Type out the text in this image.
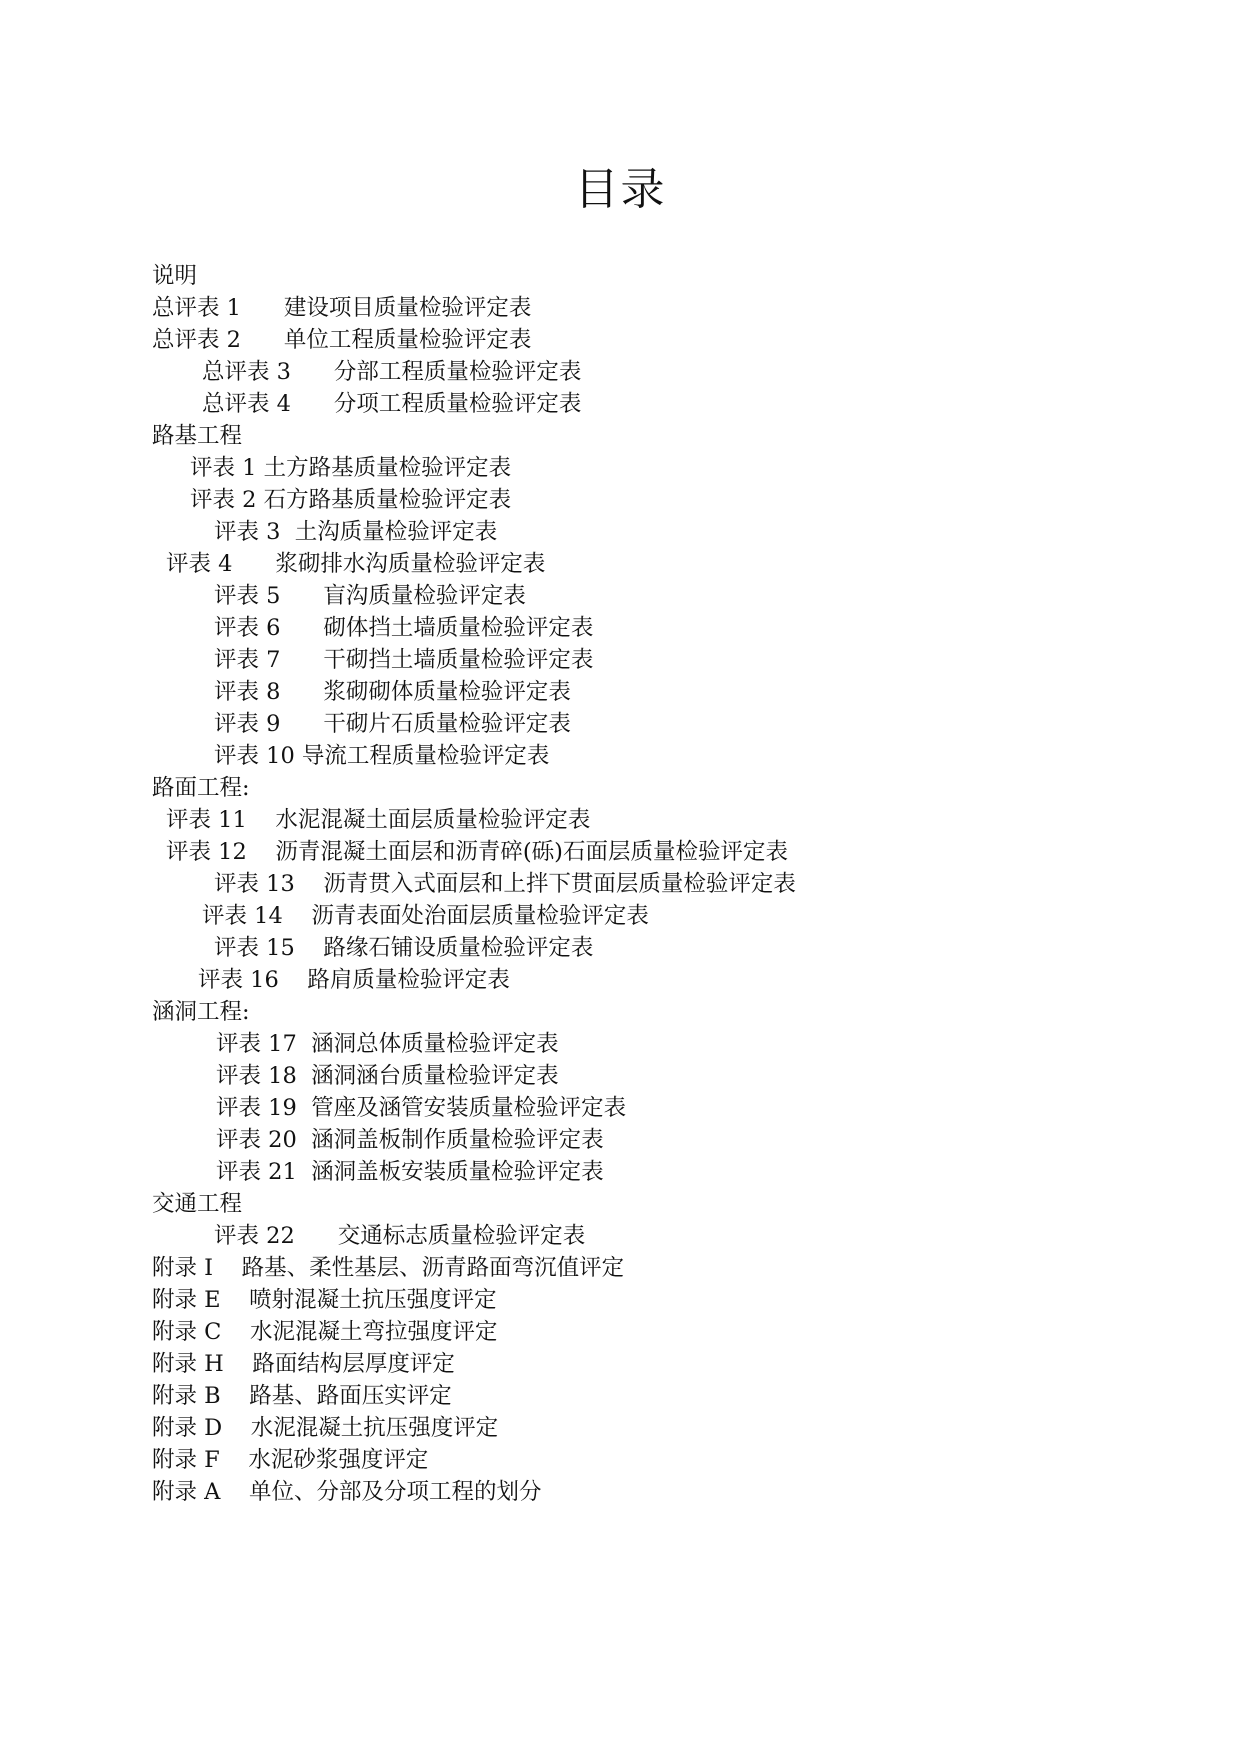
目录
说明
总评表 1      建设项目质量检验评定表
总评表 2      单位工程质量检验评定表
总评表 3      分部工程质量检验评定表
总评表 4      分项工程质量检验评定表
路基工程
评表 1 土方路基质量检验评定表
评表 2 石方路基质量检验评定表
评表 3  土沟质量检验评定表
评表 4      浆砌排水沟质量检验评定表
评表 5      盲沟质量检验评定表
评表 6      砌体挡土墙质量检验评定表
评表 7      干砌挡土墙质量检验评定表
评表 8      浆砌砌体质量检验评定表
评表 9      干砌片石质量检验评定表
评表 10 导流工程质量检验评定表
路面工程:
评表 11    水泥混凝土面层质量检验评定表
评表 12    沥青混凝土面层和沥青碎(砾)石面层质量检验评定表
评表 13    沥青贯入式面层和上拌下贯面层质量检验评定表
评表 14    沥青表面处治面层质量检验评定表
评表 15    路缘石铺设质量检验评定表
评表 16    路肩质量检验评定表
涵洞工程:
评表 17  涵洞总体质量检验评定表
评表 18  涵洞涵台质量检验评定表
评表 19  管座及涵管安装质量检验评定表
评表 20  涵洞盖板制作质量检验评定表
评表 21  涵洞盖板安装质量检验评定表
交通工程
评表 22      交通标志质量检验评定表
附录 I    路基、柔性基层、沥青路面弯沉值评定
附录 E    喷射混凝土抗压强度评定
附录 C    水泥混凝土弯拉强度评定
附录 H    路面结构层厚度评定
附录 B    路基、路面压实评定
附录 D    水泥混凝土抗压强度评定
附录 F    水泥砂浆强度评定
附录 A    单位、分部及分项工程的划分
